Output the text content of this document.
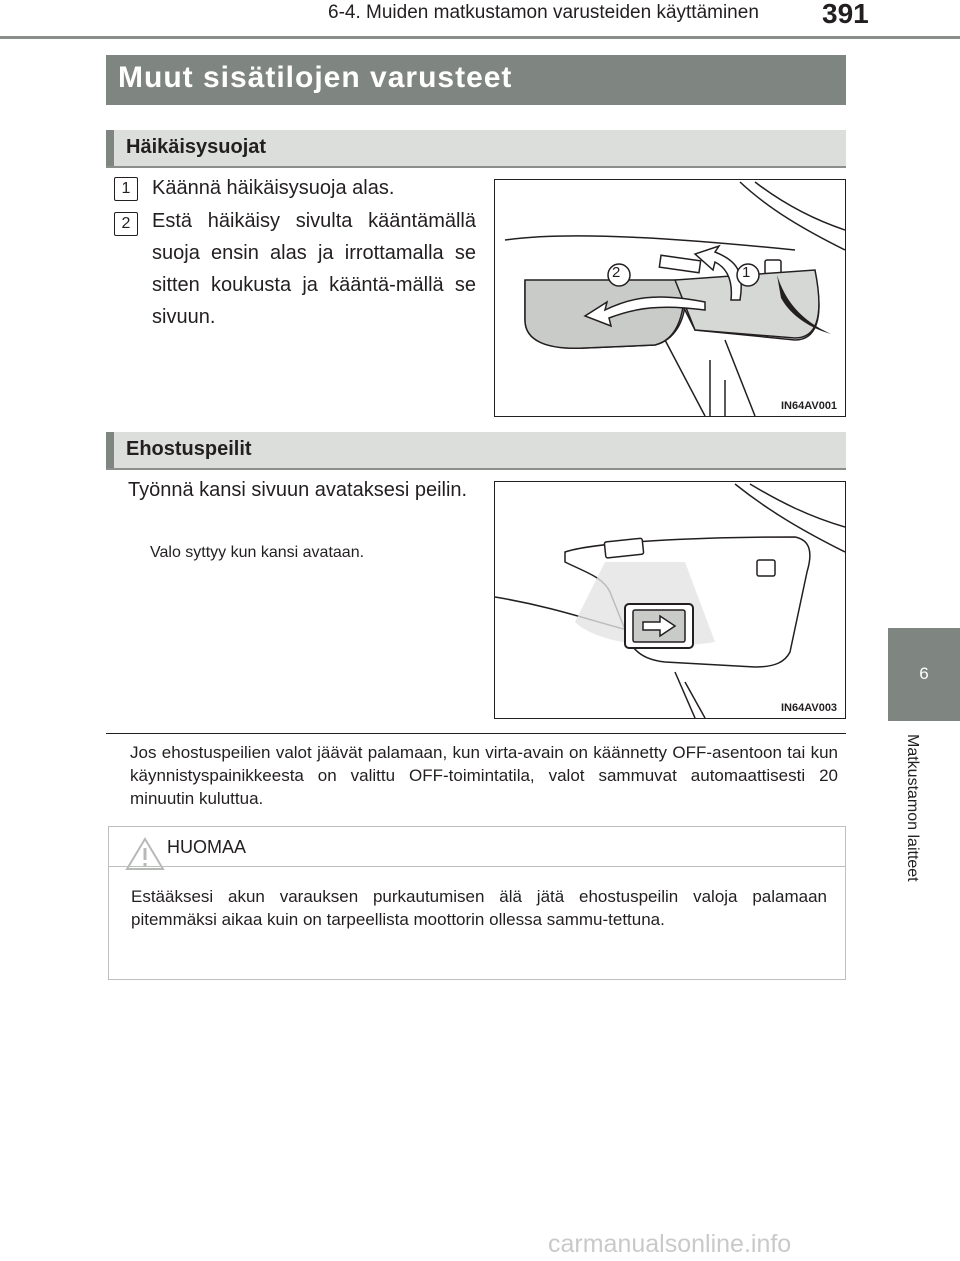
6-4. Muiden matkustamon varusteiden käyttäminen 391
Muut sisätilojen varusteet
Häikäisysuojat
1	Käännä häikäisysuoja alas.
2	Estä häikäisy sivulta kääntämällä suoja ensin alas ja irrottamalla se sitten koukusta ja kääntä-mällä se sivuun.
2	1
IN64AV001
Ehostuspeilit
Työnnä kansi sivuun avataksesi peilin.
Valo syttyy kun kansi avataan.
IN64AV003
Jos ehostuspeilien valot jäävät palamaan, kun virta-avain on käännetty OFF-asentoon tai kun käynnistyspainikkeesta on valittu OFF-toimintatila, valot sammuvat automaattisesti 20 minuutin kuluttua.
HUOMAA
Estääksesi akun varauksen purkautumisen älä jätä ehostuspeilin valoja palamaan pitemmäksi aikaa kuin on tarpeellista moottorin ollessa sammu-tettuna.
6
Matkustamon laitteet
carmanualsonline.info
